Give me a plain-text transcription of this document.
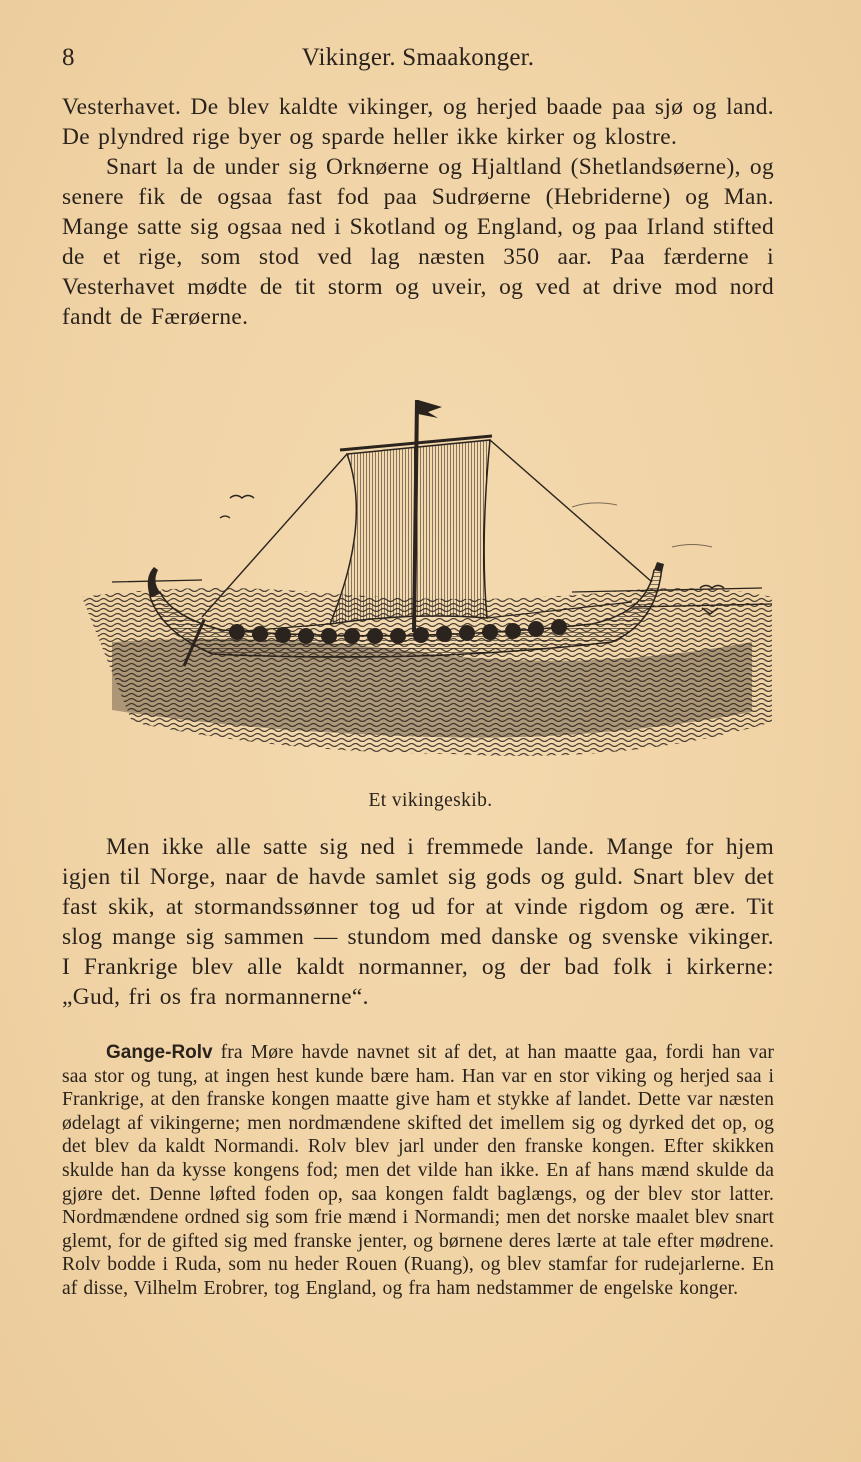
8	Vikinger. Smaakonger.

Vesterhavet. De blev kaldte vikinger, og herjed baade paa sjø og land. De plyndred rige byer og sparde heller ikke kirker og klostre.

Snart la de under sig Orknøerne og Hjaltland (Shetlandsøerne), og senere fik de ogsaa fast fod paa Sudrøerne (Hebriderne) og Man. Mange satte sig ogsaa ned i Skotland og England, og paa Irland stifted de et rige, som stod ved lag næsten 350 aar. Paa færderne i Vesterhavet mødte de tit storm og uveir, og ved at drive mod nord fandt de Færøerne.

Et vikingeskib.

Men ikke alle satte sig ned i fremmede lande. Mange for hjem igjen til Norge, naar de havde samlet sig gods og guld. Snart blev det fast skik, at stormandssønner tog ud for at vinde rigdom og ære. Tit slog mange sig sammen — stundom med danske og svenske vikinger. I Frankrige blev alle kaldt normanner, og der bad folk i kirkerne: „Gud, fri os fra normannerne“.

Gange-Rolv fra Møre havde navnet sit af det, at han maatte gaa, fordi han var saa stor og tung, at ingen hest kunde bære ham. Han var en stor viking og herjed saa i Frankrige, at den franske kongen maatte give ham et stykke af landet. Dette var næsten ødelagt af vikingerne; men nordmændene skifted det imellem sig og dyrked det op, og det blev da kaldt Normandi. Rolv blev jarl under den franske kongen. Efter skikken skulde han da kysse kongens fod; men det vilde han ikke. En af hans mænd skulde da gjøre det. Denne løfted foden op, saa kongen faldt baglængs, og der blev stor latter. Nordmændene ordned sig som frie mænd i Normandi; men det norske maalet blev snart glemt, for de gifted sig med franske jenter, og børnene deres lærte at tale efter mødrene. Rolv bodde i Ruda, som nu heder Rouen (Ruang), og blev stamfar for rudejarlerne. En af disse, Vilhelm Erobrer, tog England, og fra ham nedstammer de engelske konger.
